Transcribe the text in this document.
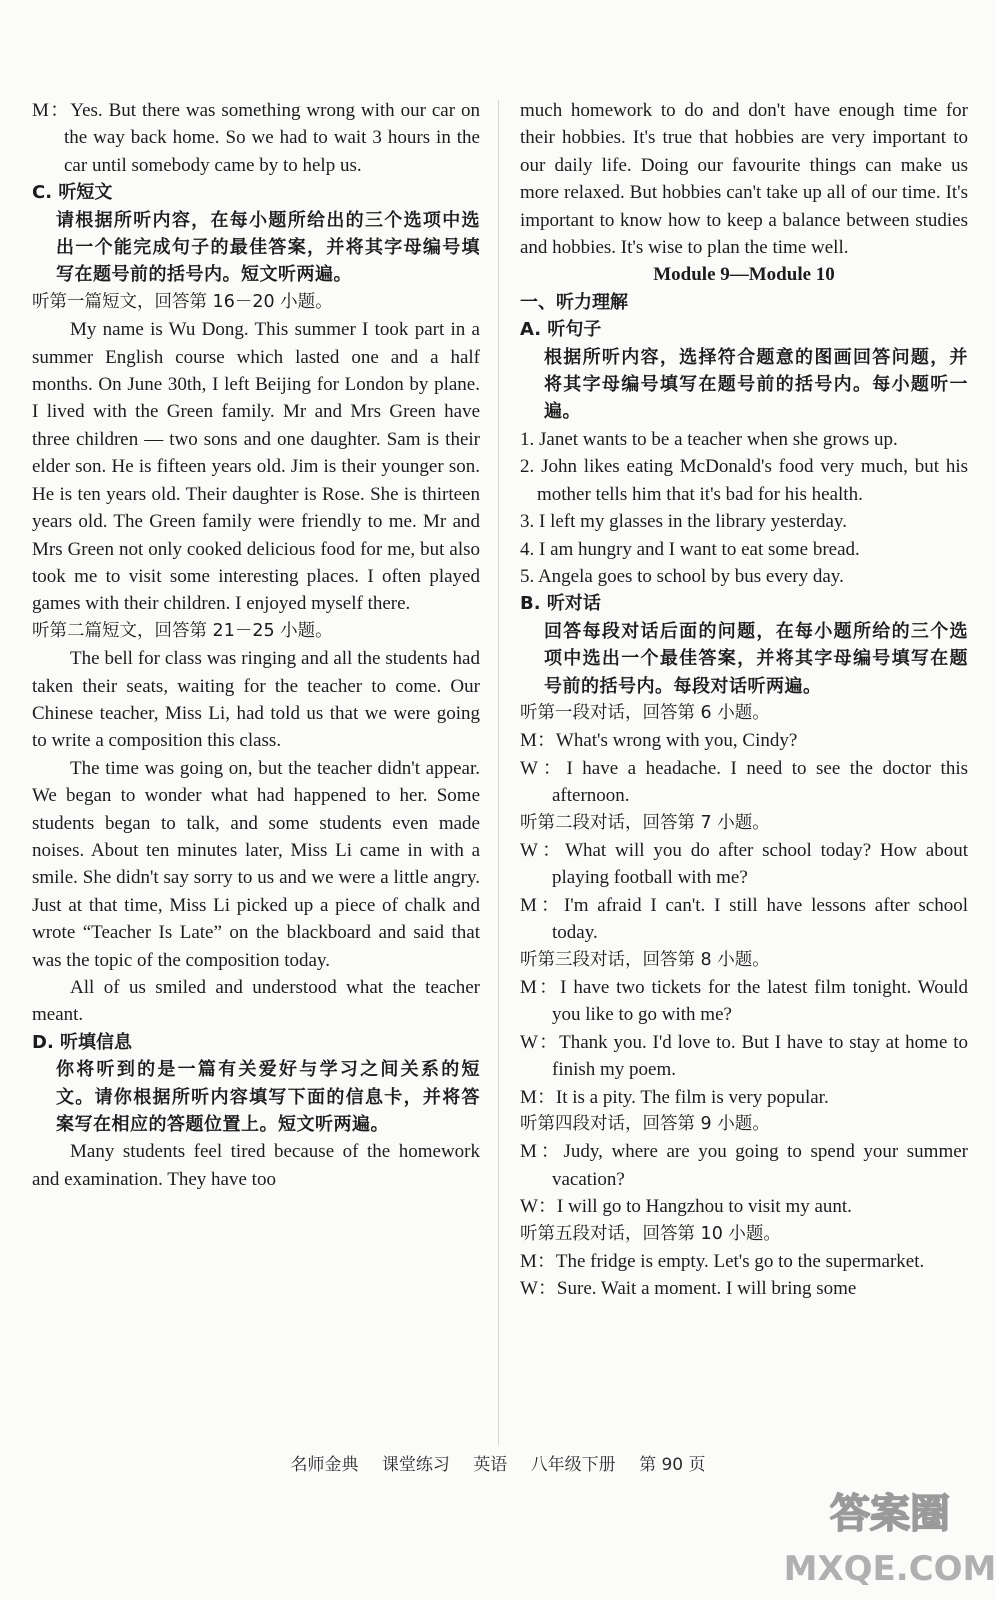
M：Yes. But there was something wrong with our car on the way back home. So we had to wait 3 hours in the car until somebody came by to help us.

C. 听短文

请根据所听内容，在每小题所给出的三个选项中选出一个能完成句子的最佳答案，并将其字母编号填写在题号前的括号内。短文听两遍。

听第一篇短文，回答第 16－20 小题。

My name is Wu Dong. This summer I took part in a summer English course which lasted one and a half months. On June 30th, I left Beijing for London by plane. I lived with the Green family. Mr and Mrs Green have three children — two sons and one daughter. Sam is their elder son. He is fifteen years old. Jim is their younger son. He is ten years old. Their daughter is Rose. She is thirteen years old. The Green family were friendly to me. Mr and Mrs Green not only cooked delicious food for me, but also took me to visit some interesting places. I often played games with their children. I enjoyed myself there.

听第二篇短文，回答第 21－25 小题。

The bell for class was ringing and all the students had taken their seats, waiting for the teacher to come. Our Chinese teacher, Miss Li, had told us that we were going to write a composition this class.

The time was going on, but the teacher didn't appear. We began to wonder what had happened to her. Some students began to talk, and some students even made noises. About ten minutes later, Miss Li came in with a smile. She didn't say sorry to us and we were a little angry. Just at that time, Miss Li picked up a piece of chalk and wrote “Teacher Is Late” on the blackboard and said that was the topic of the composition today.

All of us smiled and understood what the teacher meant.

D. 听填信息

你将听到的是一篇有关爱好与学习之间关系的短文。请你根据所听内容填写下面的信息卡，并将答案写在相应的答题位置上。短文听两遍。

Many students feel tired because of the homework and examination. They have too

much homework to do and don't have enough time for their hobbies. It's true that hobbies are very important to our daily life. Doing our favourite things can make us more relaxed. But hobbies can't take up all of our time. It's important to know how to keep a balance between studies and hobbies. It's wise to plan the time well.

Module 9—Module 10

一、听力理解

A. 听句子

根据所听内容，选择符合题意的图画回答问题，并将其字母编号填写在题号前的括号内。每小题听一遍。

1. Janet wants to be a teacher when she grows up.

2. John likes eating McDonald's food very much, but his mother tells him that it's bad for his health.

3. I left my glasses in the library yesterday.

4. I am hungry and I want to eat some bread.

5. Angela goes to school by bus every day.

B. 听对话

回答每段对话后面的问题，在每小题所给的三个选项中选出一个最佳答案，并将其字母编号填写在题号前的括号内。每段对话听两遍。

听第一段对话，回答第 6 小题。

M：What's wrong with you, Cindy?

W：I have a headache. I need to see the doctor this afternoon.

听第二段对话，回答第 7 小题。

W：What will you do after school today? How about playing football with me?

M：I'm afraid I can't. I still have lessons after school today.

听第三段对话，回答第 8 小题。

M：I have two tickets for the latest film tonight. Would you like to go with me?

W：Thank you. I'd love to. But I have to stay at home to finish my poem.

M：It is a pity. The film is very popular.

听第四段对话，回答第 9 小题。

M：Judy, where are you going to spend your summer vacation?

W：I will go to Hangzhou to visit my aunt.

听第五段对话，回答第 10 小题。

M：The fridge is empty. Let's go to the supermarket.

W：Sure. Wait a moment. I will bring some

名师金典 课堂练习 英语 八年级下册 第 90 页
答案圈
MXQE.COM
